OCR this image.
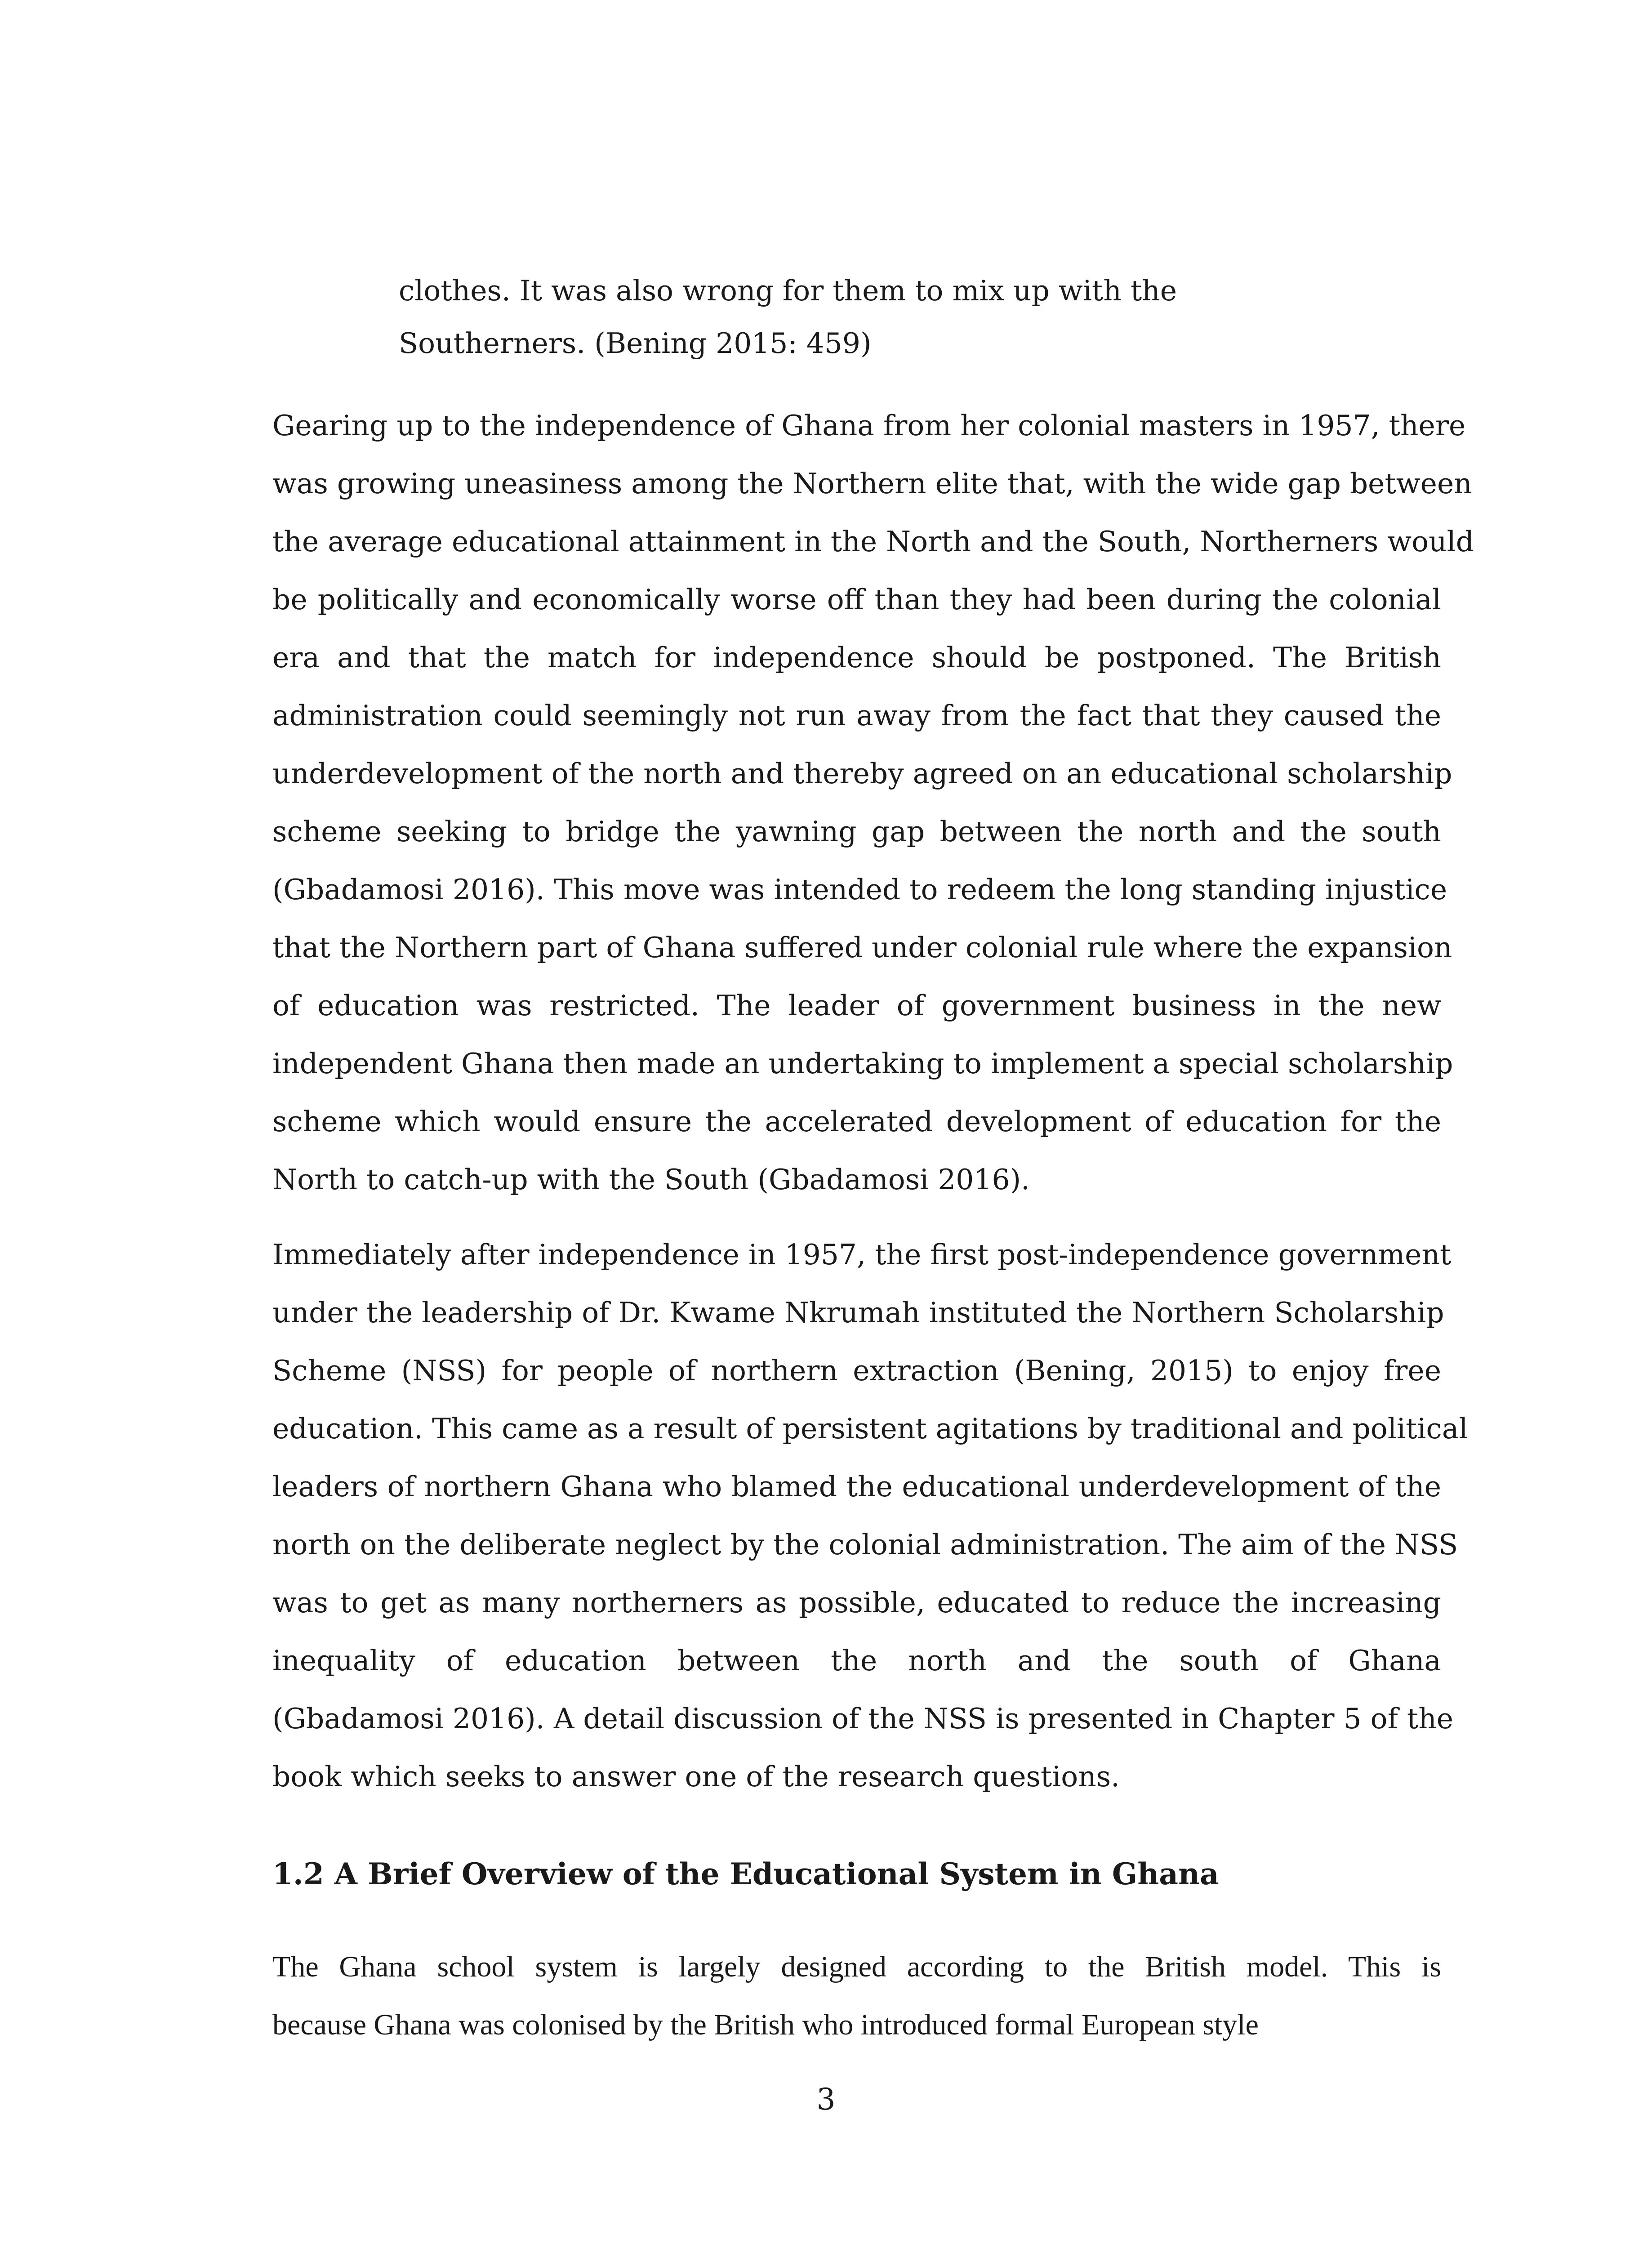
clothes. It was also wrong for them to mix up with the
Southerners. (Bening 2015: 459)
Gearing up to the independence of Ghana from her colonial masters in 1957, there
was growing uneasiness among the Northern elite that, with the wide gap between
the average educational attainment in the North and the South, Northerners would
be politically and economically worse off than they had been during the colonial
era and that the match for independence should be postponed. The British
administration could seemingly not run away from the fact that they caused the
underdevelopment of the north and thereby agreed on an educational scholarship
scheme seeking to bridge the yawning gap between the north and the south
(Gbadamosi 2016). This move was intended to redeem the long standing injustice
that the Northern part of Ghana suffered under colonial rule where the expansion
of education was restricted. The leader of government business in the new
independent Ghana then made an undertaking to implement a special scholarship
scheme which would ensure the accelerated development of education for the
North to catch-up with the South (Gbadamosi 2016).
Immediately after independence in 1957, the first post-independence government
under the leadership of Dr. Kwame Nkrumah instituted the Northern Scholarship
Scheme (NSS) for people of northern extraction (Bening, 2015) to enjoy free
education. This came as a result of persistent agitations by traditional and political
leaders of northern Ghana who blamed the educational underdevelopment of the
north on the deliberate neglect by the colonial administration. The aim of the NSS
was to get as many northerners as possible, educated to reduce the increasing
inequality of education between the north and the south of Ghana
(Gbadamosi 2016). A detail discussion of the NSS is presented in Chapter 5 of the
book which seeks to answer one of the research questions.
1.2 A Brief Overview of the Educational System in Ghana
The Ghana school system is largely designed according to the British model. This is
because Ghana was colonised by the British who introduced formal European style
3
